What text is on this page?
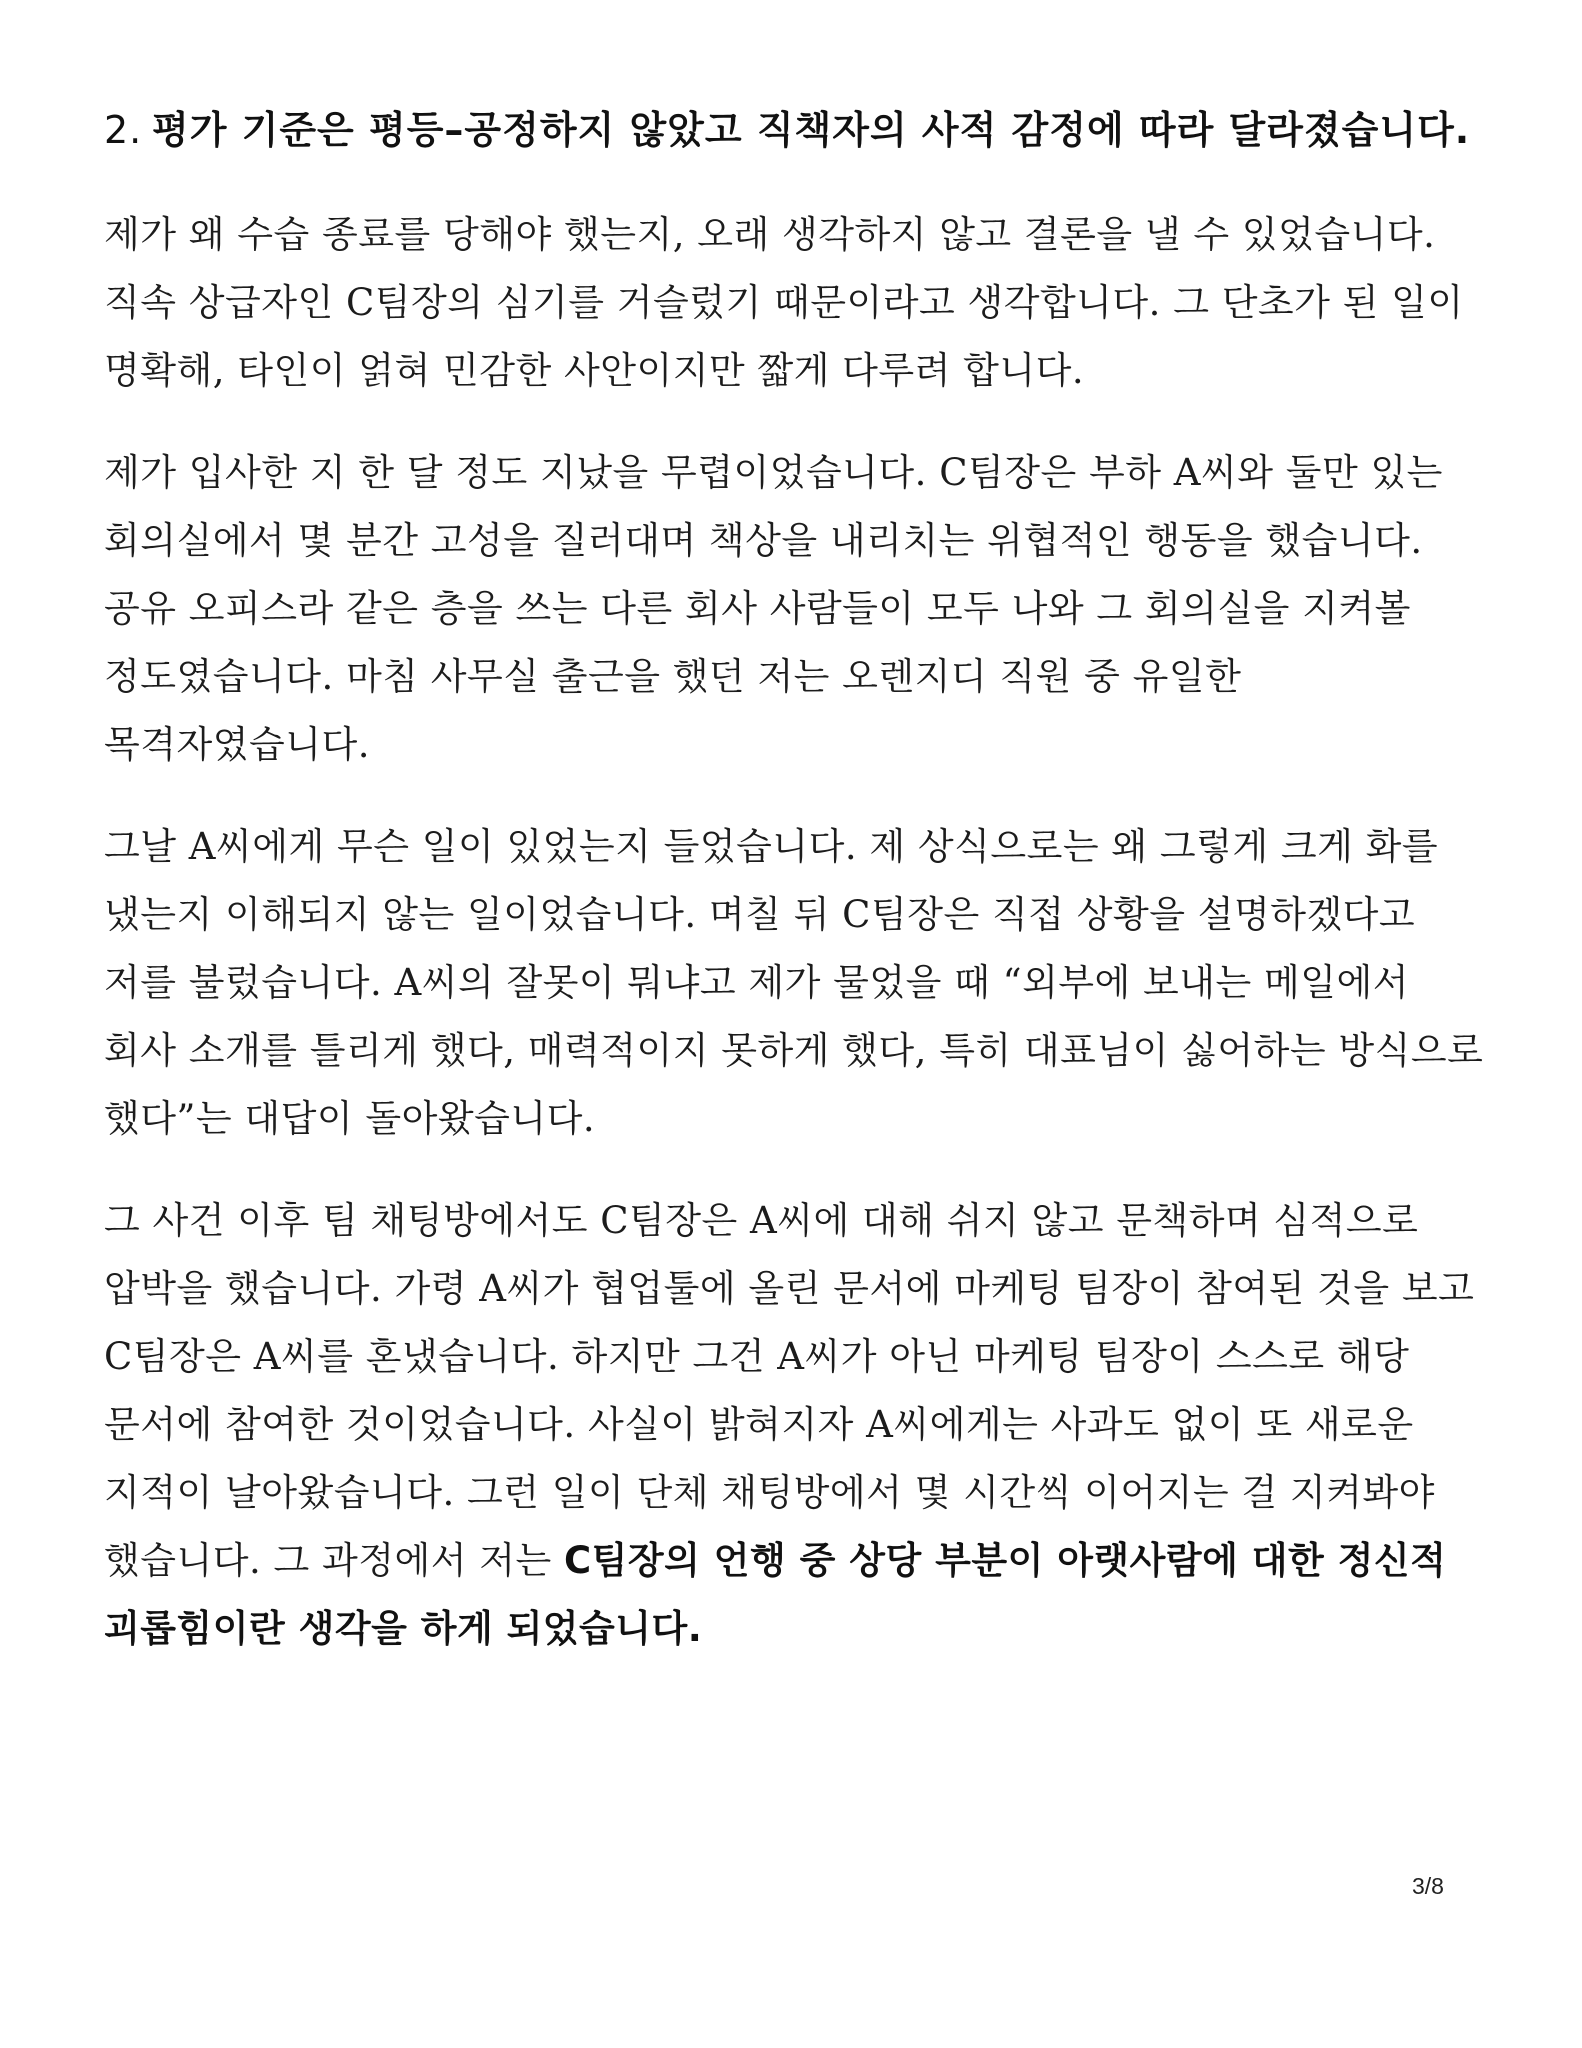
2. 평가 기준은 평등–공정하지 않았고 직책자의 사적 감정에 따라 달라졌습니다.

제가 왜 수습 종료를 당해야 했는지, 오래 생각하지 않고 결론을 낼 수 있었습니다. 직속 상급자인 C팀장의 심기를 거슬렀기 때문이라고 생각합니다. 그 단초가 된 일이 명확해, 타인이 얽혀 민감한 사안이지만 짧게 다루려 합니다.

제가 입사한 지 한 달 정도 지났을 무렵이었습니다. C팀장은 부하 A씨와 둘만 있는 회의실에서 몇 분간 고성을 질러대며 책상을 내리치는 위협적인 행동을 했습니다. 공유 오피스라 같은 층을 쓰는 다른 회사 사람들이 모두 나와 그 회의실을 지켜볼 정도였습니다. 마침 사무실 출근을 했던 저는 오렌지디 직원 중 유일한 목격자였습니다.

그날 A씨에게 무슨 일이 있었는지 들었습니다. 제 상식으로는 왜 그렇게 크게 화를 냈는지 이해되지 않는 일이었습니다. 며칠 뒤 C팀장은 직접 상황을 설명하겠다고 저를 불렀습니다. A씨의 잘못이 뭐냐고 제가 물었을 때 “외부에 보내는 메일에서 회사 소개를 틀리게 했다, 매력적이지 못하게 했다, 특히 대표님이 싫어하는 방식으로 했다”는 대답이 돌아왔습니다.

그 사건 이후 팀 채팅방에서도 C팀장은 A씨에 대해 쉬지 않고 문책하며 심적으로 압박을 했습니다. 가령 A씨가 협업툴에 올린 문서에 마케팅 팀장이 참여된 것을 보고 C팀장은 A씨를 혼냈습니다. 하지만 그건 A씨가 아닌 마케팅 팀장이 스스로 해당 문서에 참여한 것이었습니다. 사실이 밝혀지자 A씨에게는 사과도 없이 또 새로운 지적이 날아왔습니다. 그런 일이 단체 채팅방에서 몇 시간씩 이어지는 걸 지켜봐야 했습니다. 그 과정에서 저는 C팀장의 언행 중 상당 부분이 아랫사람에 대한 정신적 괴롭힘이란 생각을 하게 되었습니다.

3/8
